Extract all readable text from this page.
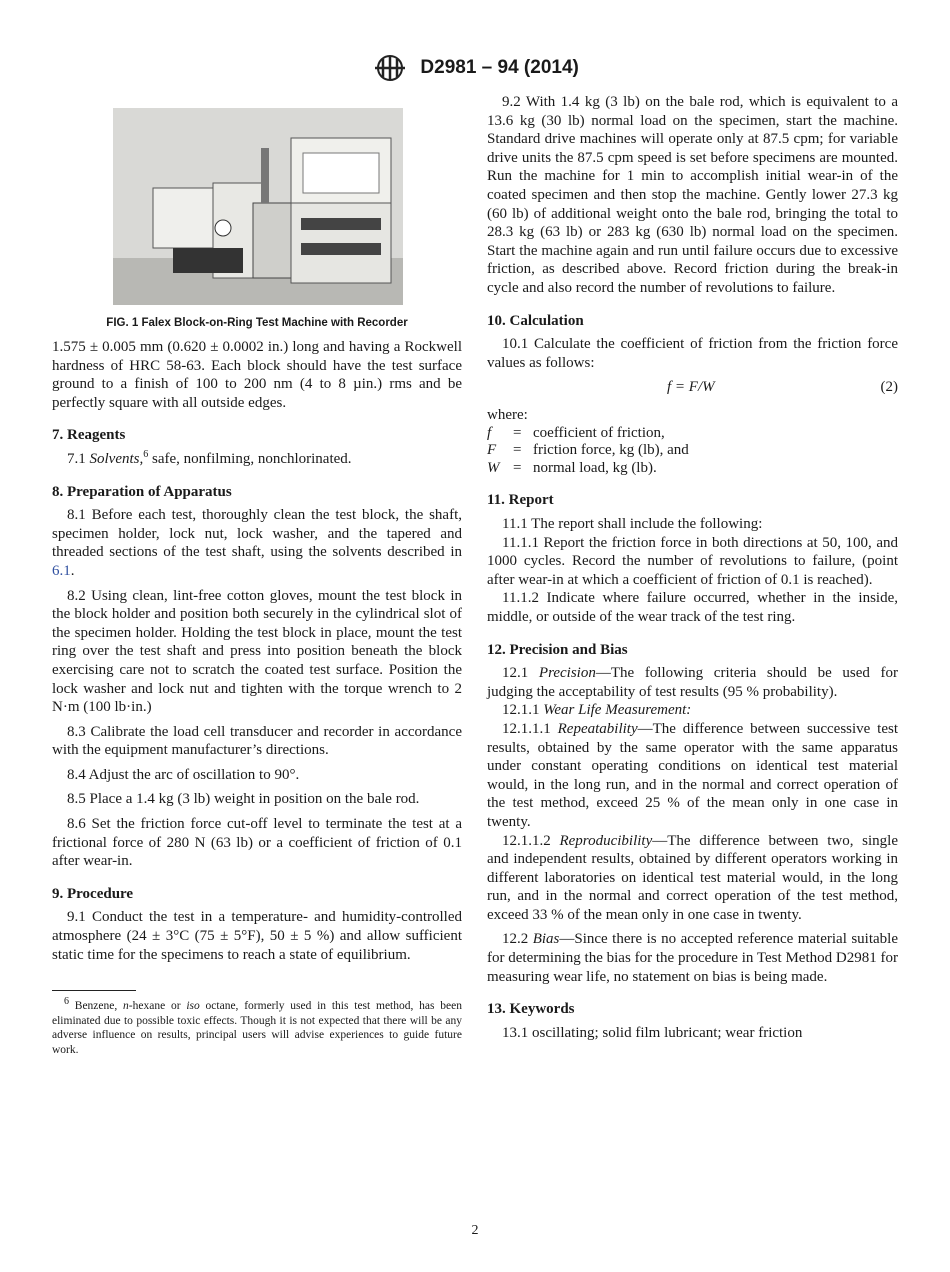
D2981 – 94 (2014)
FIG. 1 Falex Block-on-Ring Test Machine with Recorder

1.575 ± 0.005 mm (0.620 ± 0.0002 in.) long and having a Rockwell hardness of HRC 58-63. Each block should have the test surface ground to a finish of 100 to 200 nm (4 to 8 µin.) rms and be perfectly square with all outside edges.

7. Reagents

7.1 Solvents,$^6$ safe, nonfilming, nonchlorinated.

8. Preparation of Apparatus

8.1 Before each test, thoroughly clean the test block, the shaft, specimen holder, lock nut, lock washer, and the tapered and threaded sections of the test shaft, using the solvents described in 6.1.

8.2 Using clean, lint-free cotton gloves, mount the test block in the block holder and position both securely in the cylindrical slot of the specimen holder. Holding the test block in place, mount the test ring over the test shaft and press into position beneath the block exercising care not to scratch the coated test surface. Position the lock washer and lock nut and tighten with the torque wrench to 2 N·m (100 lb·in.)

8.3 Calibrate the load cell transducer and recorder in accordance with the equipment manufacturer’s directions.

8.4 Adjust the arc of oscillation to 90°.

8.5 Place a 1.4 kg (3 lb) weight in position on the bale rod.

8.6 Set the friction force cut-off level to terminate the test at a frictional force of 280 N (63 lb) or a coefficient of friction of 0.1 after wear-in.

9. Procedure

9.1 Conduct the test in a temperature- and humidity-controlled atmosphere (24 ± 3°C (75 ± 5°F), 50 ± 5 %) and allow sufficient static time for the specimens to reach a state of equilibrium.

$^6$ Benzene, n-hexane or iso octane, formerly used in this test method, has been eliminated due to possible toxic effects. Though it is not expected that there will be any adverse influence on results, principal users will advise experiences to guide future work.

9.2 With 1.4 kg (3 lb) on the bale rod, which is equivalent to a 13.6 kg (30 lb) normal load on the specimen, start the machine. Standard drive machines will operate only at 87.5 cpm; for variable drive units the 87.5 cpm speed is set before specimens are mounted. Run the machine for 1 min to accomplish initial wear-in of the coated specimen and then stop the machine. Gently lower 27.3 kg (60 lb) of additional weight onto the bale rod, bringing the total to 28.3 kg (63 lb) or 283 kg (630 lb) normal load on the specimen. Start the machine again and run until failure occurs due to excessive friction, as described above. Record friction during the break-in cycle and also record the number of revolutions to failure.

10. Calculation

10.1 Calculate the coefficient of friction from the friction force values as follows:

f = F/W	(2)
where:
f	=	coefficient of friction,
F	=	friction force, kg (lb), and
W	=	normal load, kg (lb).
11. Report

11.1 The report shall include the following:

11.1.1 Report the friction force in both directions at 50, 100, and 1000 cycles. Record the number of revolutions to failure, (point after wear-in at which a coefficient of friction of 0.1 is reached).

11.1.2 Indicate where failure occurred, whether in the inside, middle, or outside of the wear track of the test ring.

12. Precision and Bias

12.1 Precision—The following criteria should be used for judging the acceptability of test results (95 % probability).

12.1.1 Wear Life Measurement:

12.1.1.1 Repeatability—The difference between successive test results, obtained by the same operator with the same apparatus under constant operating conditions on identical test material would, in the long run, and in the normal and correct operation of the test method, exceed 25 % of the mean only in one case in twenty.

12.1.1.2 Reproducibility—The difference between two, single and independent results, obtained by different operators working in different laboratories on identical test material would, in the long run, and in the normal and correct operation of the test method, exceed 33 % of the mean only in one case in twenty.

12.2 Bias—Since there is no accepted reference material suitable for determining the bias for the procedure in Test Method D2981 for measuring wear life, no statement on bias is being made.

13. Keywords

13.1 oscillating; solid film lubricant; wear friction

2
